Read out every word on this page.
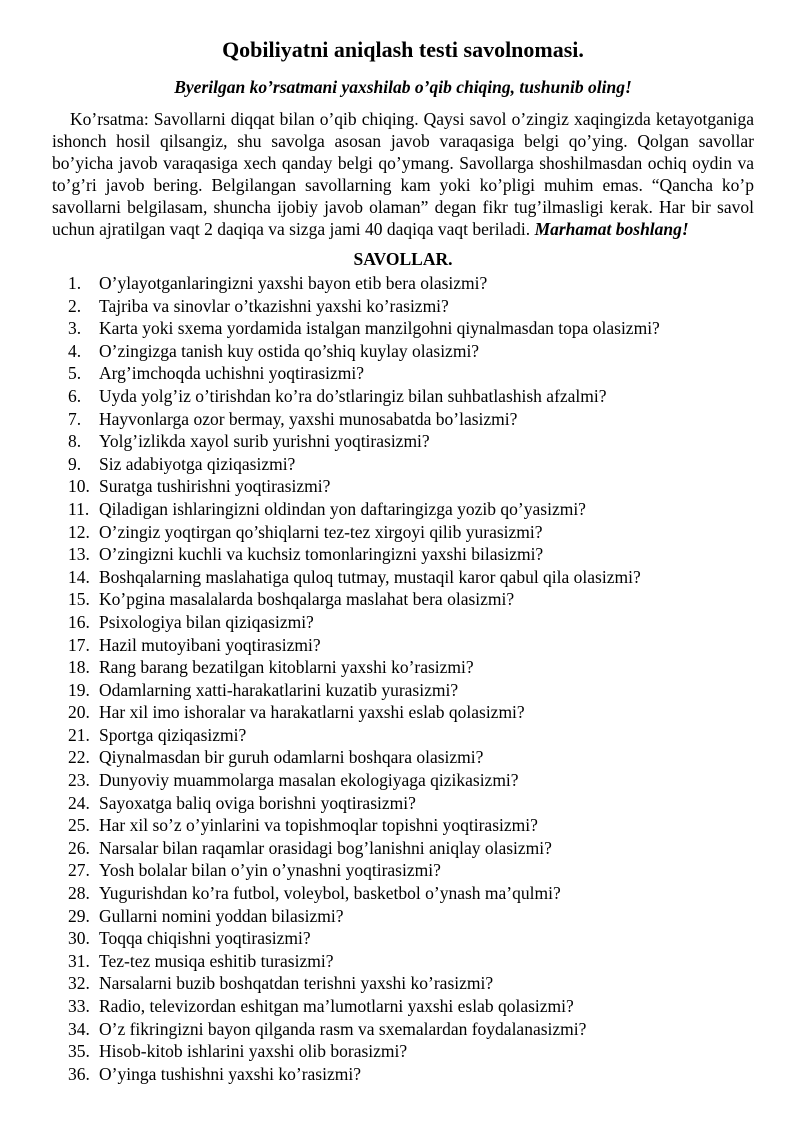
Qobiliyatni aniqlash testi savolnomasi.

Byerilgan ko’rsatmani yaxshilab o’qib chiqing, tushunib oling!

Ko’rsatma: Savollarni diqqat bilan o’qib chiqing. Qaysi savol o’zingiz xaqingizda ketayotganiga ishonch hosil qilsangiz, shu savolga asosan javob varaqasiga belgi qo’ying. Qolgan savollar bo’yicha javob varaqasiga xech qanday belgi qo’ymang. Savollarga shoshilmasdan ochiq oydin va to’g’ri javob bering. Belgilangan savollarning kam yoki ko’pligi muhim emas. “Qancha ko’p savollarni belgilasam, shuncha ijobiy javob olaman” degan fikr tug’ilmasligi kerak. Har bir savol uchun ajratilgan vaqt 2 daqiqa va sizga jami 40 daqiqa vaqt beriladi. Marhamat boshlang!

SAVOLLAR.
1.	O’ylayotganlaringizni yaxshi bayon etib bera olasizmi?
2.	Tajriba va sinovlar o’tkazishni yaxshi ko’rasizmi?
3.	Karta yoki sxema yordamida istalgan manzilgohni qiynalmasdan topa olasizmi?
4.	O’zingizga tanish kuy ostida qo’shiq kuylay olasizmi?
5.	Arg’imchoqda uchishni yoqtirasizmi?
6.	Uyda yolg’iz o’tirishdan ko’ra do’stlaringiz bilan suhbatlashish afzalmi?
7.	Hayvonlarga ozor bermay, yaxshi munosabatda bo’lasizmi?
8.	Yolg’izlikda xayol surib yurishni yoqtirasizmi?
9.	Siz adabiyotga qiziqasizmi?
10. Suratga tushirishni yoqtirasizmi?
11. Qiladigan ishlaringizni oldindan yon daftaringizga yozib qo’yasizmi?
12. O’zingiz yoqtirgan qo’shiqlarni tez-tez xirgoyi qilib yurasizmi?
13. O’zingizni kuchli va kuchsiz tomonlaringizni yaxshi bilasizmi?
14. Boshqalarning maslahatiga quloq tutmay, mustaqil karor qabul qila olasizmi?
15. Ko’pgina masalalarda boshqalarga maslahat bera olasizmi?
16. Psixologiya bilan qiziqasizmi?
17. Hazil mutoyibani yoqtirasizmi?
18. Rang barang bezatilgan kitoblarni yaxshi ko’rasizmi?
19. Odamlarning xatti-harakatlarini kuzatib yurasizmi?
20. Har xil imo ishoralar va harakatlarni yaxshi eslab qolasizmi?
21. Sportga qiziqasizmi?
22. Qiynalmasdan bir guruh odamlarni boshqara olasizmi?
23. Dunyoviy muammolarga masalan ekologiyaga qizikasizmi?
24. Sayoxatga baliq oviga borishni yoqtirasizmi?
25. Har xil so’z o’yinlarini va topishmoqlar topishni yoqtirasizmi?
26. Narsalar bilan raqamlar orasidagi bog’lanishni aniqlay olasizmi?
27. Yosh bolalar bilan o’yin o’ynashni yoqtirasizmi?
28. Yugurishdan ko’ra futbol, voleybol, basketbol o’ynash ma’qulmi?
29. Gullarni nomini yoddan bilasizmi?
30. Toqqa chiqishni yoqtirasizmi?
31. Tez-tez musiqa eshitib turasizmi?
32. Narsalarni buzib boshqatdan terishni yaxshi ko’rasizmi?
33. Radio, televizordan eshitgan ma’lumotlarni yaxshi eslab qolasizmi?
34. O’z fikringizni bayon qilganda rasm va sxemalardan foydalanasizmi?
35. Hisob-kitob ishlarini yaxshi olib borasizmi?
36. O’yinga tushishni yaxshi ko’rasizmi?
